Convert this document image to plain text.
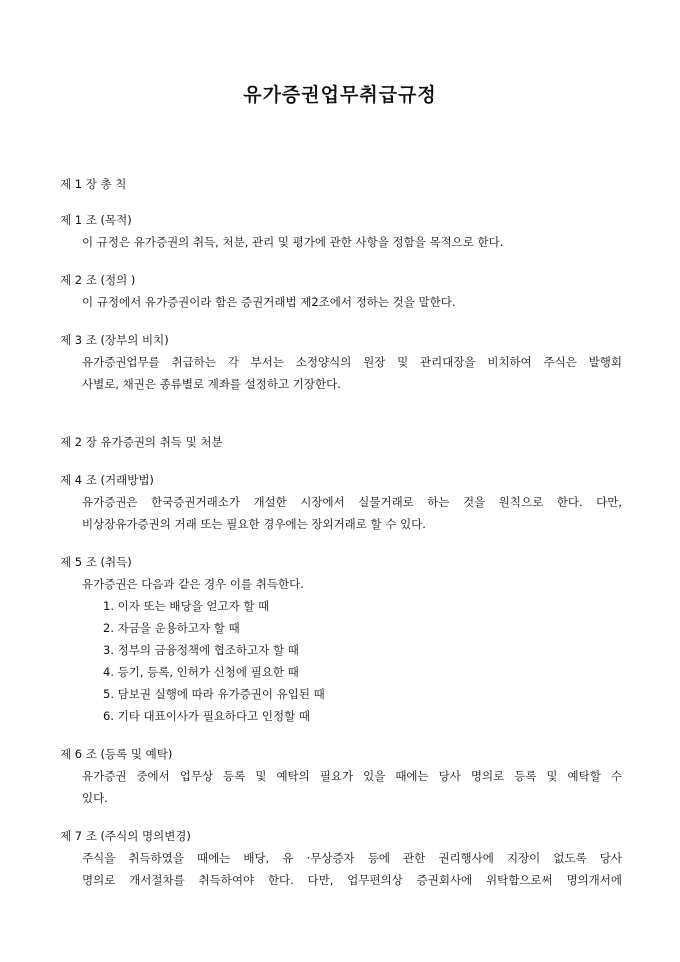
유가증권업무취급규정
제 1 장 총 칙
제 1 조 (목적)
이 규정은 유가증권의 취득, 처분, 관리 및 평가에 관한 사항을 정함을 목적으로 한다.
제 2 조 (정의 )
이 규정에서 유가증권이라 함은 증권거래법 제2조에서 정하는 것을 말한다.
제 3 조 (장부의 비치)
유가증권업무를 취급하는 각 부서는 소정양식의 원장 및 관리대장을 비치하여 주식은 발행회
사별로, 채권은 종류별로 계좌를 설정하고 기장한다.
제 2 장 유가증권의 취득 및 처분
제 4 조 (거래방법)
유가증권은 한국증권거래소가 개설한 시장에서 실물거래로 하는 것을 원칙으로 한다. 다만,
비상장유가증권의 거래 또는 필요한 경우에는 장외거래로 할 수 있다.
제 5 조 (취득)
유가증권은 다음과 같은 경우 이를 취득한다.
1. 이자 또는 배당을 얻고자 할 때
2. 자금을 운용하고자 할 때
3. 정부의 금융정책에 협조하고자 할 때
4. 등기, 등록, 인허가 신청에 필요한 때
5. 담보권 실행에 따라 유가증권이 유입된 때
6. 기타 대표이사가 필요하다고 인정할 때
제 6 조 (등록 및 예탁)
유가증권 중에서 업무상 등록 및 예탁의 필요가 있을 때에는 당사 명의로 등록 및 예탁할 수
있다.
제 7 조 (주식의 명의변경)
주식을 취득하였을 때에는 배당, 유 ·무상증자 등에 관한 권리행사에 지장이 없도록 당사
명의로 개서절차를 취득하여야 한다. 다만, 업무편의상 증권회사에 위탁함으로써 명의개서에
